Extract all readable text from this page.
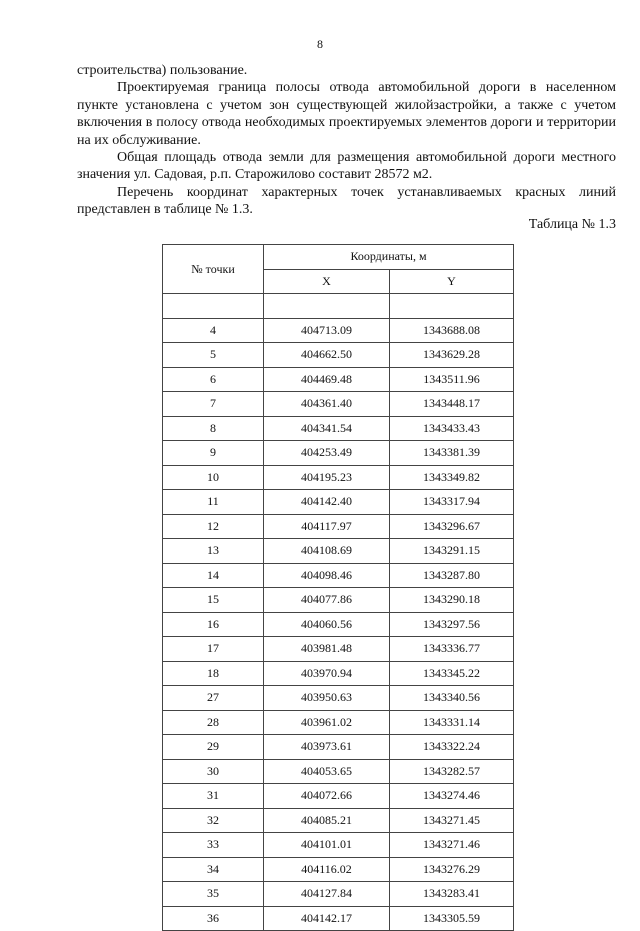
8

строительства) пользование.

Проектируемая граница полосы отвода автомобильной дороги в населенном пункте установлена с учетом зон существующей жилойзастройки, а также с учетом включения в полосу отвода необходимых проектируемых элементов дороги и территории на их обслуживание.

Общая площадь отвода земли для размещения автомобильной дороги местного значения ул. Садовая, р.п. Старожилово составит 28572 м2.

Перечень координат характерных точек устанавливаемых красных линий представлен в таблице № 1.3.

Таблица № 1.3
№ точки	Координаты, м	
	X	Y

4	404713.09	1343688.08
5	404662.50	1343629.28
6	404469.48	1343511.96
7	404361.40	1343448.17
8	404341.54	1343433.43
9	404253.49	1343381.39
10	404195.23	1343349.82
11	404142.40	1343317.94
12	404117.97	1343296.67
13	404108.69	1343291.15
14	404098.46	1343287.80
15	404077.86	1343290.18
16	404060.56	1343297.56
17	403981.48	1343336.77
18	403970.94	1343345.22
27	403950.63	1343340.56
28	403961.02	1343331.14
29	403973.61	1343322.24
30	404053.65	1343282.57
31	404072.66	1343274.46
32	404085.21	1343271.45
33	404101.01	1343271.46
34	404116.02	1343276.29
35	404127.84	1343283.41
36	404142.17	1343305.59
